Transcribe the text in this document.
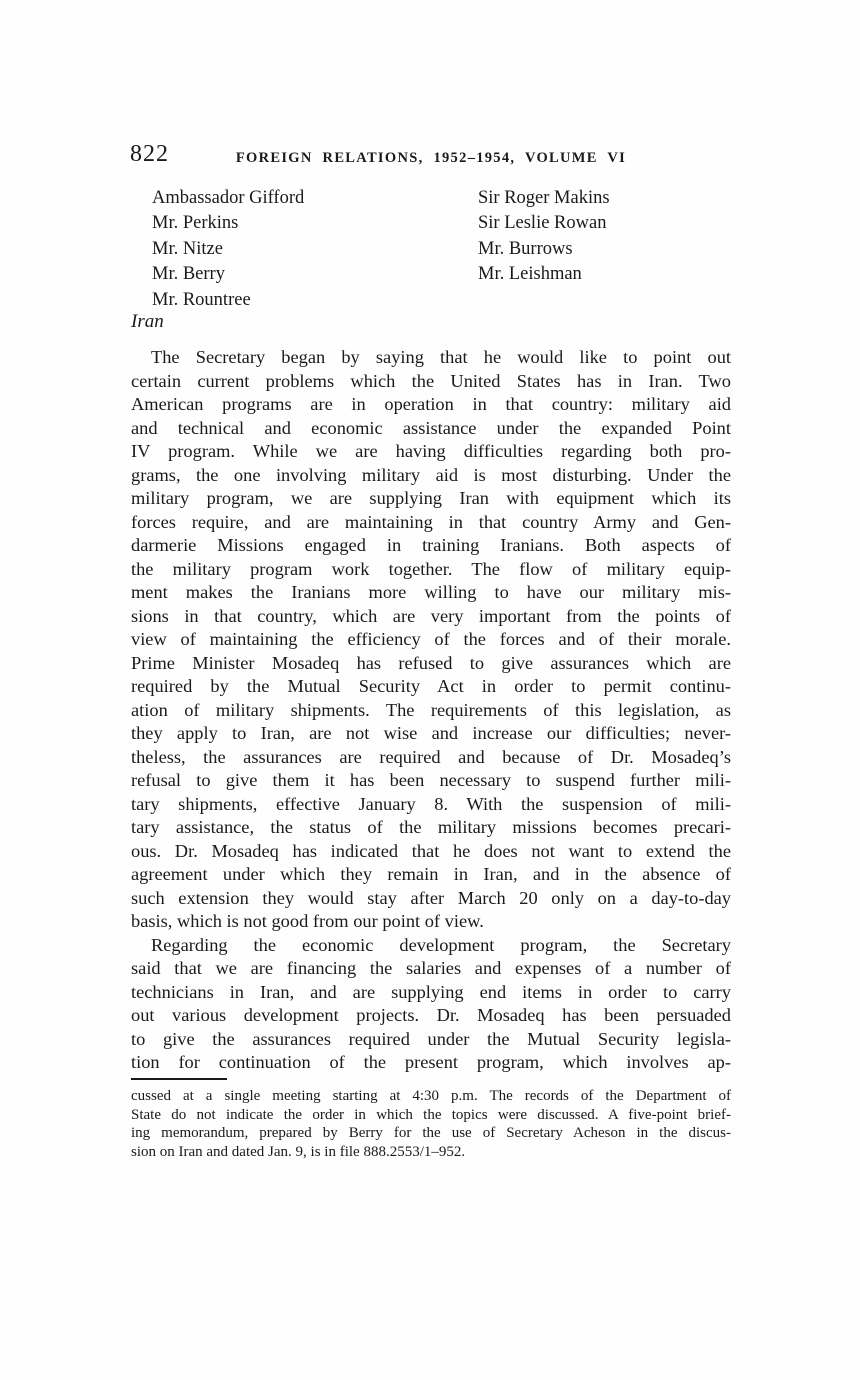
822	FOREIGN RELATIONS, 1952–1954, VOLUME VI
Ambassador Gifford
Mr. Perkins
Mr. Nitze
Mr. Berry
Mr. Rountree
Sir Roger Makins
Sir Leslie Rowan
Mr. Burrows
Mr. Leishman
Iran
The Secretary began by saying that he would like to point out
certain current problems which the United States has in Iran. Two
American programs are in operation in that country: military aid
and technical and economic assistance under the expanded Point
IV program. While we are having difficulties regarding both pro-
grams, the one involving military aid is most disturbing. Under the
military program, we are supplying Iran with equipment which its
forces require, and are maintaining in that country Army and Gen-
darmerie Missions engaged in training Iranians. Both aspects of
the military program work together. The flow of military equip-
ment makes the Iranians more willing to have our military mis-
sions in that country, which are very important from the points of
view of maintaining the efficiency of the forces and of their morale.
Prime Minister Mosadeq has refused to give assurances which are
required by the Mutual Security Act in order to permit continu-
ation of military shipments. The requirements of this legislation, as
they apply to Iran, are not wise and increase our difficulties; never-
theless, the assurances are required and because of Dr. Mosadeq’s
refusal to give them it has been necessary to suspend further mili-
tary shipments, effective January 8. With the suspension of mili-
tary assistance, the status of the military missions becomes precari-
ous. Dr. Mosadeq has indicated that he does not want to extend the
agreement under which they remain in Iran, and in the absence of
such extension they would stay after March 20 only on a day-to-day
basis, which is not good from our point of view.
Regarding the economic development program, the Secretary
said that we are financing the salaries and expenses of a number of
technicians in Iran, and are supplying end items in order to carry
out various development projects. Dr. Mosadeq has been persuaded
to give the assurances required under the Mutual Security legisla-
tion for continuation of the present program, which involves ap-
cussed at a single meeting starting at 4:30 p.m. The records of the Department of
State do not indicate the order in which the topics were discussed. A five-point brief-
ing memorandum, prepared by Berry for the use of Secretary Acheson in the discus-
sion on Iran and dated Jan. 9, is in file 888.2553/1–952.
